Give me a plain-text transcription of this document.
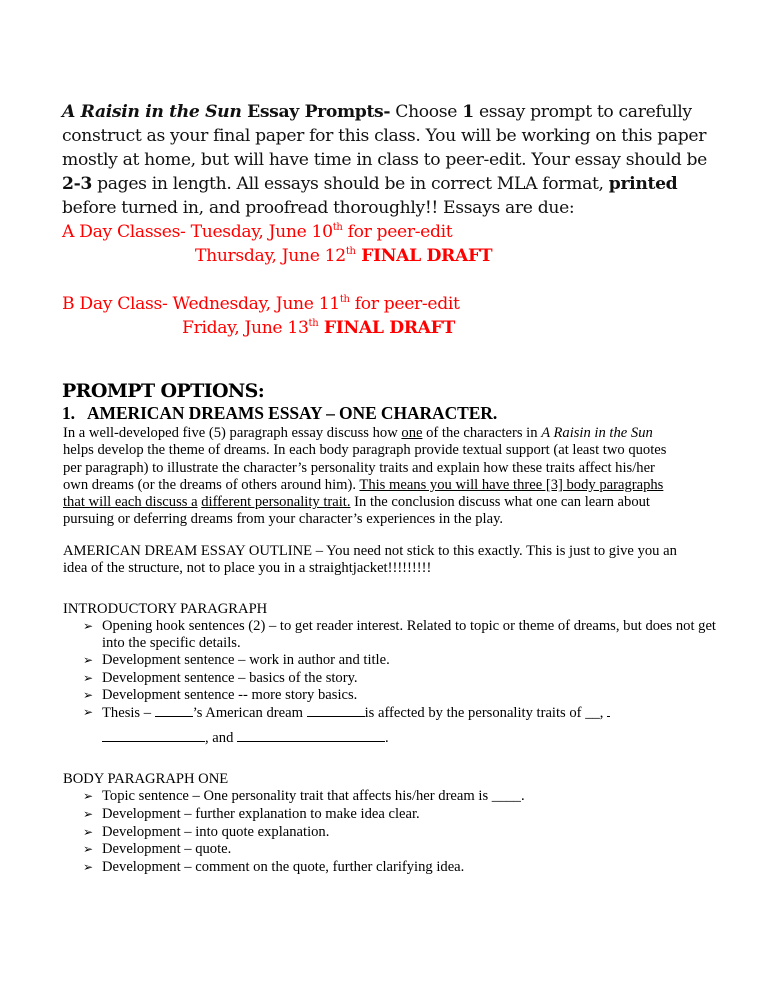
A Raisin in the Sun Essay Prompts- Choose 1 essay prompt to carefully construct as your final paper for this class. You will be working on this paper mostly at home, but will have time in class to peer-edit. Your essay should be 2-3 pages in length. All essays should be in correct MLA format, printed before turned in, and proofread thoroughly!! Essays are due:

A Day Classes- Tuesday, June 10th for peer-edit
Thursday, June 12th FINAL DRAFT
B Day Class- Wednesday, June 11th for peer-edit
Friday, June 13th FINAL DRAFT
PROMPT OPTIONS:

1. AMERICAN DREAMS ESSAY – ONE CHARACTER.

In a well-developed five (5) paragraph essay discuss how one of the characters in A Raisin in the Sun helps develop the theme of dreams. In each body paragraph provide textual support (at least two quotes per paragraph) to illustrate the character’s personality traits and explain how these traits affect his/her own dreams (or the dreams of others around him). This means you will have three [3] body paragraphs that will each discuss a different personality trait. In the conclusion discuss what one can learn about pursuing or deferring dreams from your character’s experiences in the play.
AMERICAN DREAM ESSAY OUTLINE – You need not stick to this exactly. This is just to give you an idea of the structure, not to place you in a straightjacket!!!!!!!!!
INTRODUCTORY PARAGRAPH
➢ Opening hook sentences (2) – to get reader interest. Related to topic or theme of dreams, but does not get into the specific details.
➢ Development sentence – work in author and title.
➢ Development sentence – basics of the story.
➢ Development sentence -- more story basics.
➢ Thesis –	’s American dream	is affected by the personality traits of __,
, and	.
BODY PARAGRAPH ONE
➢ Topic sentence – One personality trait that affects his/her dream is ____.
➢ Development – further explanation to make idea clear.
➢ Development – into quote explanation.
➢ Development – quote.
➢ Development – comment on the quote, further clarifying idea.
